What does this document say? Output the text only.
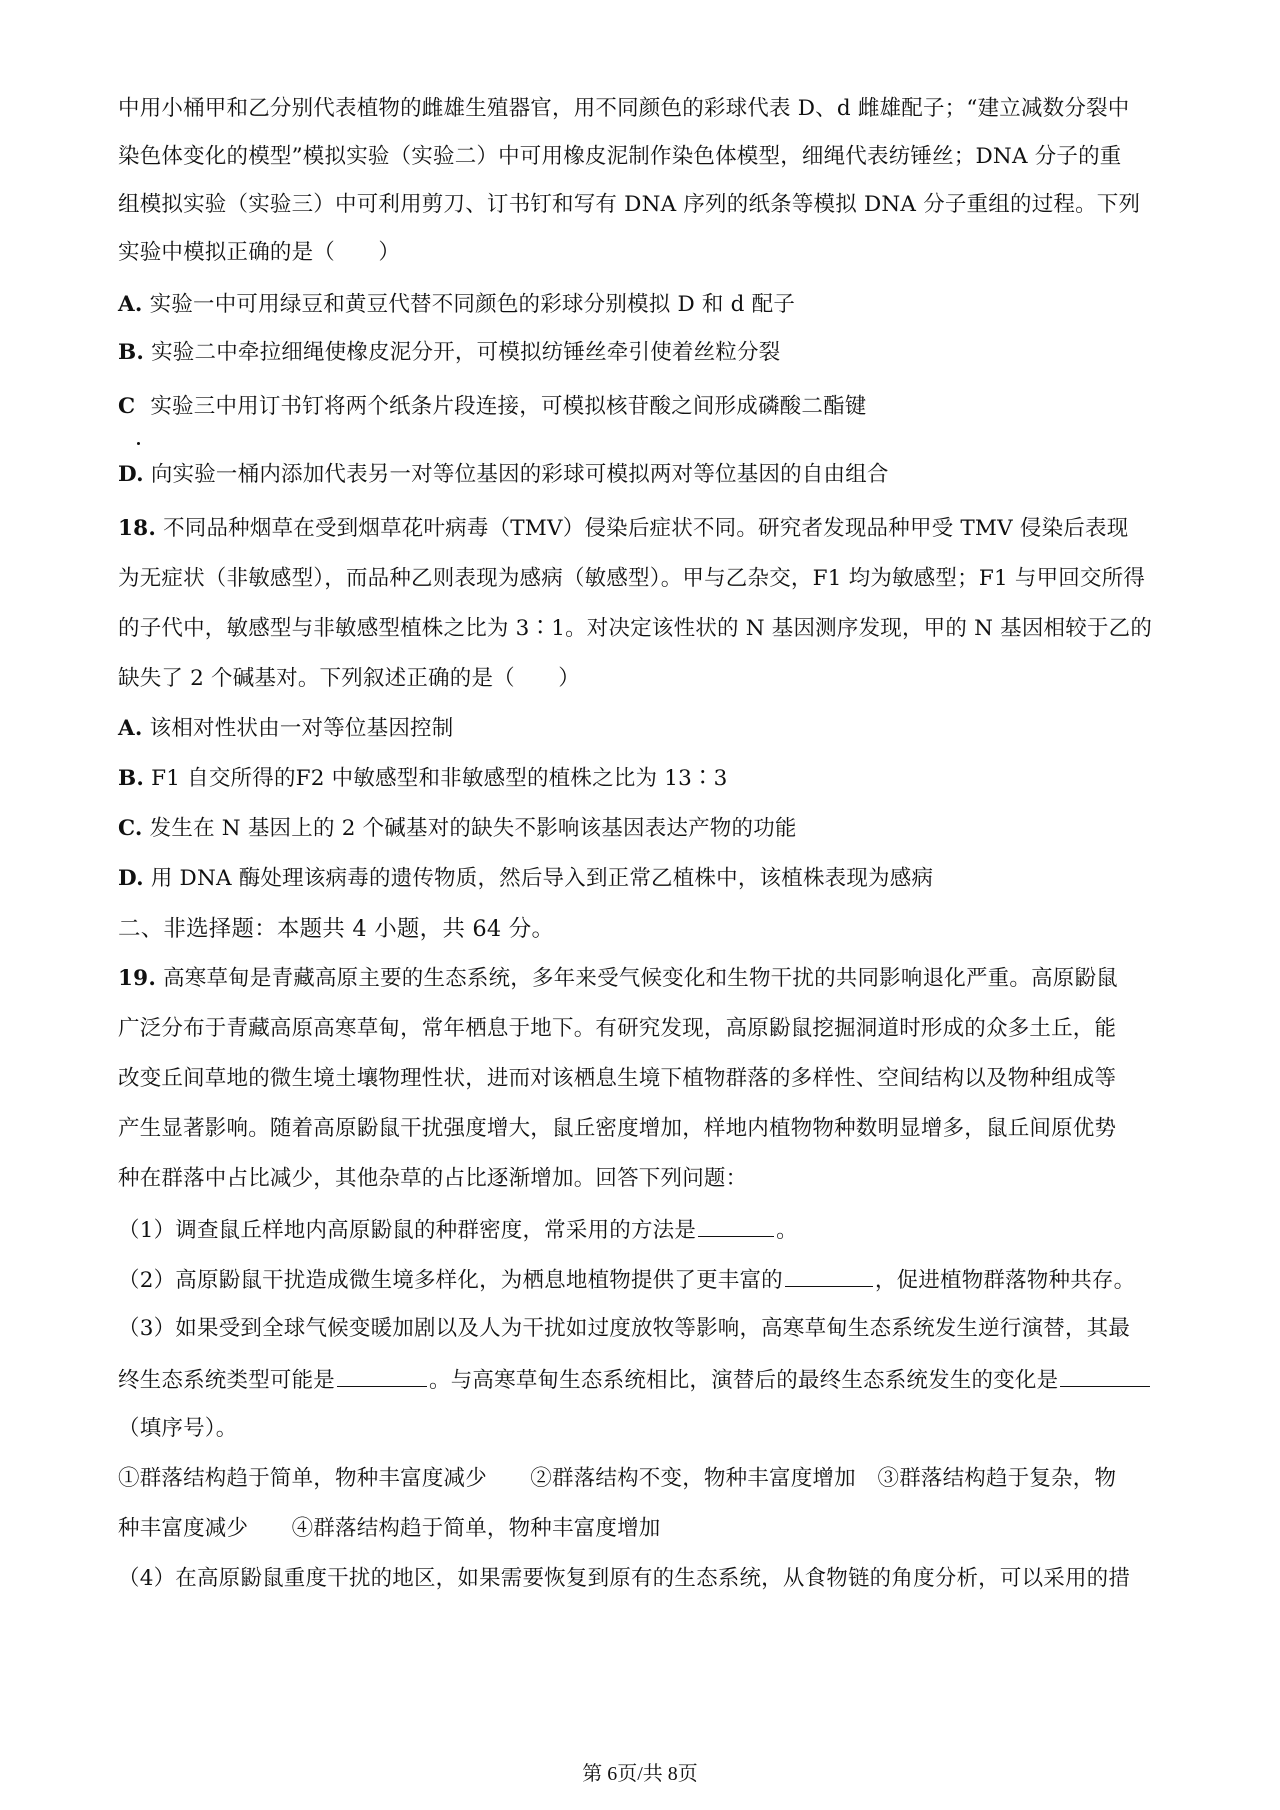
中用小桶甲和乙分别代表植物的雌雄生殖器官，用不同颜色的彩球代表 D、d 雌雄配子；“建立减数分裂中
染色体变化的模型”模拟实验（实验二）中可用橡皮泥制作染色体模型，细绳代表纺锤丝；DNA 分子的重
组模拟实验（实验三）中可利用剪刀、订书钉和写有 DNA 序列的纸条等模拟 DNA 分子重组的过程。下列
实验中模拟正确的是（　　）
A. 实验一中可用绿豆和黄豆代替不同颜色的彩球分别模拟 D 和 d 配子
B. 实验二中牵拉细绳使橡皮泥分开，可模拟纺锤丝牵引使着丝粒分裂
C 实验三中用订书钉将两个纸条片段连接，可模拟核苷酸之间形成磷酸二酯键
D. 向实验一桶内添加代表另一对等位基因的彩球可模拟两对等位基因的自由组合
18. 不同品种烟草在受到烟草花叶病毒（TMV）侵染后症状不同。研究者发现品种甲受 TMV 侵染后表现
为无症状（非敏感型），而品种乙则表现为感病（敏感型）。甲与乙杂交，F1 均为敏感型；F1 与甲回交所得
的子代中，敏感型与非敏感型植株之比为 3∶1。对决定该性状的 N 基因测序发现，甲的 N 基因相较于乙的
缺失了 2 个碱基对。下列叙述正确的是（　　）
A. 该相对性状由一对等位基因控制
B. F1 自交所得的F2 中敏感型和非敏感型的植株之比为 13∶3
C. 发生在 N 基因上的 2 个碱基对的缺失不影响该基因表达产物的功能
D. 用 DNA 酶处理该病毒的遗传物质，然后导入到正常乙植株中，该植株表现为感病
二、非选择题：本题共 4 小题，共 64 分。
19. 高寒草甸是青藏高原主要的生态系统，多年来受气候变化和生物干扰的共同影响退化严重。高原鼢鼠
广泛分布于青藏高原高寒草甸，常年栖息于地下。有研究发现，高原鼢鼠挖掘洞道时形成的众多土丘，能
改变丘间草地的微生境土壤物理性状，进而对该栖息生境下植物群落的多样性、空间结构以及物种组成等
产生显著影响。随着高原鼢鼠干扰强度增大，鼠丘密度增加，样地内植物物种数明显增多，鼠丘间原优势
种在群落中占比减少，其他杂草的占比逐渐增加。回答下列问题：
（1）调查鼠丘样地内高原鼢鼠的种群密度，常采用的方法是	。
（2）高原鼢鼠干扰造成微生境多样化，为栖息地植物提供了更丰富的	，促进植物群落物种共存。
（3）如果受到全球气候变暖加剧以及人为干扰如过度放牧等影响，高寒草甸生态系统发生逆行演替，其最
终生态系统类型可能是	。与高寒草甸生态系统相比，演替后的最终生态系统发生的变化是
（填序号）。
①群落结构趋于简单，物种丰富度减少　　②群落结构不变，物种丰富度增加　③群落结构趋于复杂，物
种丰富度减少　　④群落结构趋于简单，物种丰富度增加
（4）在高原鼢鼠重度干扰的地区，如果需要恢复到原有的生态系统，从食物链的角度分析，可以采用的措
第 6页/共 8页
